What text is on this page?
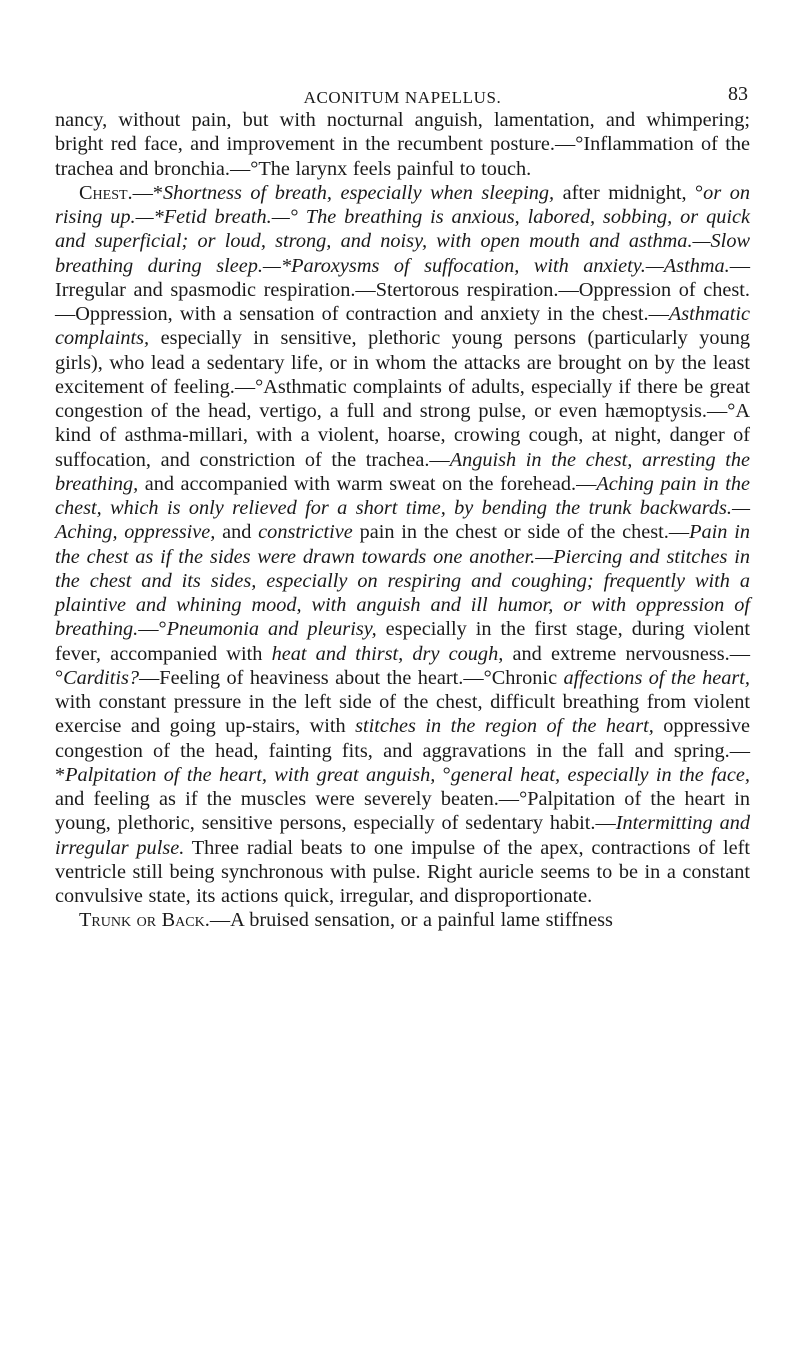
ACONITUM NAPELLUS.	83

nancy, without pain, but with nocturnal anguish, lamentation, and whimpering; bright red face, and improvement in the recumbent posture.—°Inflammation of the trachea and bronchia.—°The larynx feels painful to touch.

Chest.—*Shortness of breath, especially when sleeping, after midnight, °or on rising up.—*Fetid breath.—° The breathing is anxious, labored, sobbing, or quick and superficial; or loud, strong, and noisy, with open mouth and asthma.—Slow breathing during sleep.—*Paroxysms of suffocation, with anxiety.—Asthma.—Irregular and spasmodic respiration.—Stertorous respiration.—Oppression of chest.—Oppression, with a sensation of contraction and anxiety in the chest.—Asthmatic complaints, especially in sensitive, plethoric young persons (particularly young girls), who lead a sedentary life, or in whom the attacks are brought on by the least excitement of feeling.—°Asthmatic complaints of adults, especially if there be great congestion of the head, vertigo, a full and strong pulse, or even hæmoptysis.—°A kind of asthma-millari, with a violent, hoarse, crowing cough, at night, danger of suffocation, and constriction of the trachea.—Anguish in the chest, arresting the breathing, and accompanied with warm sweat on the forehead.—Aching pain in the chest, which is only relieved for a short time, by bending the trunk backwards.—Aching, oppressive, and constrictive pain in the chest or side of the chest.—Pain in the chest as if the sides were drawn towards one another.—Piercing and stitches in the chest and its sides, especially on respiring and coughing; frequently with a plaintive and whining mood, with anguish and ill humor, or with oppression of breathing.—°Pneumonia and pleurisy, especially in the first stage, during violent fever, accompanied with heat and thirst, dry cough, and extreme nervousness.—°Carditis?—Feeling of heaviness about the heart.—°Chronic affections of the heart, with constant pressure in the left side of the chest, difficult breathing from violent exercise and going up-stairs, with stitches in the region of the heart, oppressive congestion of the head, fainting fits, and aggravations in the fall and spring.—*Palpitation of the heart, with great anguish, °general heat, especially in the face, and feeling as if the muscles were severely beaten.—°Palpitation of the heart in young, plethoric, sensitive persons, especially of sedentary habit.—Intermitting and irregular pulse. Three radial beats to one impulse of the apex, contractions of left ventricle still being synchronous with pulse. Right auricle seems to be in a constant convulsive state, its actions quick, irregular, and disproportionate.

Trunk or Back.—A bruised sensation, or a painful lame stiffness
